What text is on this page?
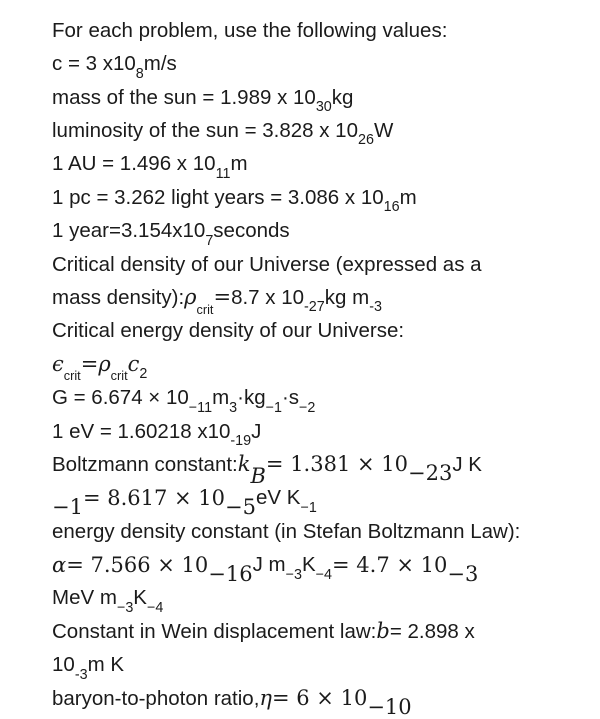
For each problem, use the following values:
c = 3 $x10^8$ m/s
mass of the sun = 1.989 x $10^{30}$ kg
luminosity of the sun = 3.828 x $10^{26}$ W
1 AU = 1.496 x $10^{11}$ m
1 pc = 3.262 light years = 3.086 x $10^{16}$ m
1 $year=3.154x10^7$ seconds
Critical density of our Universe (expressed as a
mass density): ρ crit = 8.7 x $10^{-27}$ kg $m^{-3}$
Critical energy density of our Universe:
ϵ crit = ρ crit $c^2$
$G = 6.674 \times 10^{-11}$ $m^3 \cdot kg^{-1} \cdot s^{-2}$
1 eV = 1.60218 $x10^{-19}$ J
Boltzmann constant: k
B
= $1.381 \times 10^{-23}$ J K
$^{-1} = 8.617 \times 10^{-5}$ eV $K^{-1}$
energy density constant (in Stefan Boltzmann Law):
$\alpha = 7.566 \times 10^{-16}$ J $m^{-3}$ $K^{-4} = 4.7 \times 10^{-3}$
MeV $m^{-3}$ $K^{-4}$
Constant in Wein displacement law: b = 2.898 x
$10^{-3}$ m K
baryon-to-photon ratio, $\eta = 6 \times 10^{-10}$
